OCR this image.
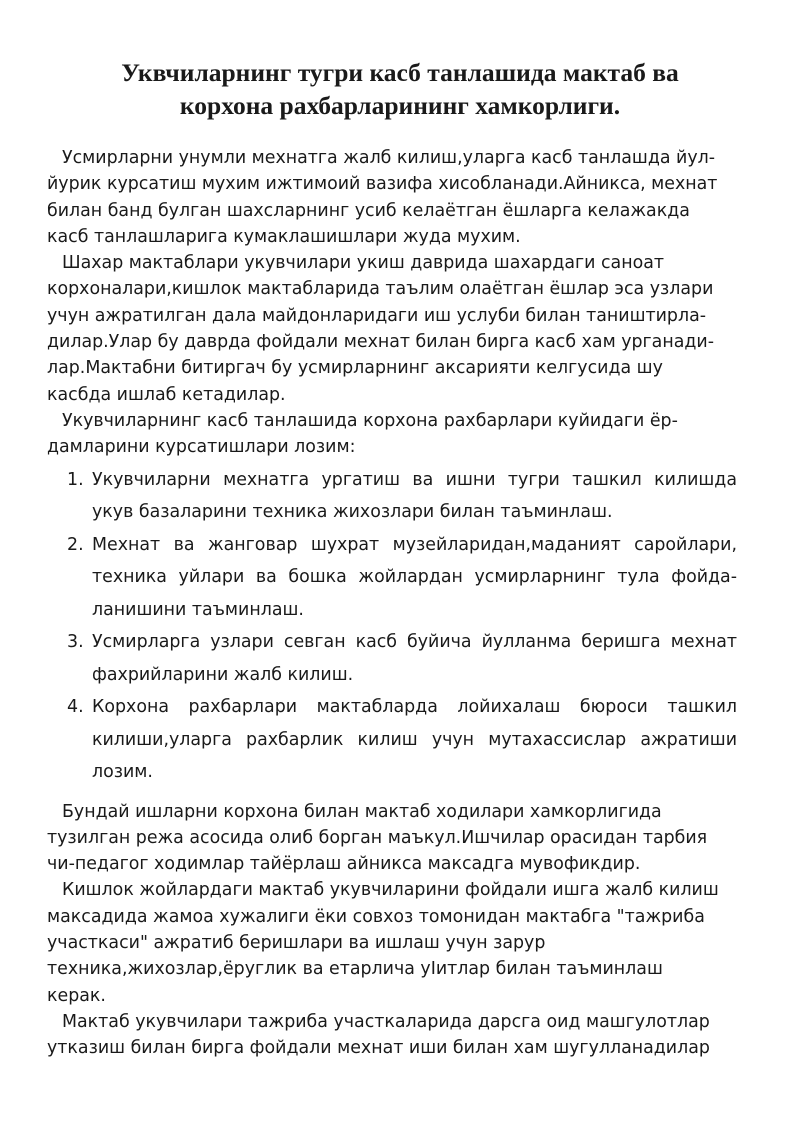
Уквчиларнинг тугри касб танлашида мактаб ва
корхона рахбарларининг хамкорлиги.
Усмирларни унумли мехнатга жалб килиш,уларга касб танлашда йул-
йурик курсатиш мухим ижтимоий вазифа хисобланади.Айникса, мехнат
билан банд булган шахсларнинг усиб келаётган ёшларга келажакда
касб танлашларига кумаклашишлари жуда мухим.
Шахар мактаблари укувчилари укиш даврида шахардаги саноат
корхоналари,кишлок мактабларида таълим олаётган ёшлар эса узлари
учун ажратилган дала майдонларидаги иш услуби билан таништирла-
дилар.Улар бу даврда фойдали мехнат билан бирга касб хам урганади-
лар.Мактабни битиргач бу усмирларнинг аксарияти келгусида шу
касбда ишлаб кетадилар.
Укувчиларнинг касб танлашида корхона рахбарлари куйидаги ёр-
дамларини курсатишлари лозим:
1. Укувчиларни мехнатга ургатиш ва ишни тугри ташкил килишда
укув базаларини техника жихозлари билан таъминлаш.
2. Мехнат ва жанговар шухрат музейларидан,маданият саройлари,
техника уйлари ва бошка жойлардан усмирларнинг тула фойда-
ланишини таъминлаш.
3. Усмирларга узлари севган касб буйича йулланма беришга мехнат
фахрийларини жалб килиш.
4. Корхона рахбарлари мактабларда лойихалаш бюроси ташкил
килиши,уларга рахбарлик килиш учун мутахассислар ажратиши
лозим.
Бундай ишларни корхона билан мактаб ходилари хамкорлигида
тузилган режа асосида олиб борган маъкул.Ишчилар орасидан тарбия
чи-педагог ходимлар тайёрлаш айникса максадга мувофикдир.
Кишлок жойлардаги мактаб укувчиларини фойдали ишга жалб килиш
максадида жамоа хужалиги ёки совхоз томонидан мактабга "тажриба
участкаси" ажратиб беришлари ва ишлаш учун зарур
техника,жихозлар,ёруглик ва етарлича уIитлар билан таъминлаш
керак.
Мактаб укувчилари тажриба участкаларида дарсга оид машгулотлар
утказиш билан бирга фойдали мехнат иши билан хам шугулланадилар
